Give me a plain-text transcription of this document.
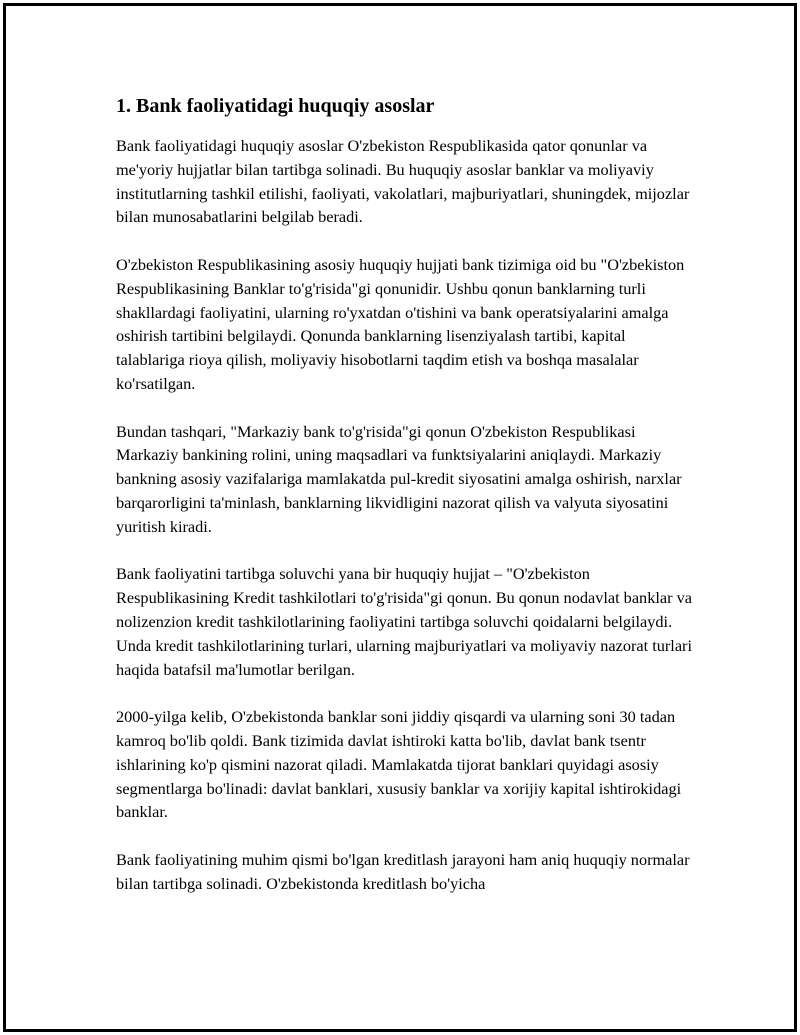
1. Bank faoliyatidagi huquqiy asoslar

Bank faoliyatidagi huquqiy asoslar O'zbekiston Respublikasida qator qonunlar va me'yoriy hujjatlar bilan tartibga solinadi. Bu huquqiy asoslar banklar va moliyaviy institutlarning tashkil etilishi, faoliyati, vakolatlari, majburiyatlari, shuningdek, mijozlar bilan munosabatlarini belgilab beradi.

O'zbekiston Respublikasining asosiy huquqiy hujjati bank tizimiga oid bu "O'zbekiston Respublikasining Banklar to'g'risida"gi qonunidir. Ushbu qonun banklarning turli shakllardagi faoliyatini, ularning ro'yxatdan o'tishini va bank operatsiyalarini amalga oshirish tartibini belgilaydi. Qonunda banklarning lisenziyalash tartibi, kapital talablariga rioya qilish, moliyaviy hisobotlarni taqdim etish va boshqa masalalar ko'rsatilgan.

Bundan tashqari, "Markaziy bank to'g'risida"gi qonun O'zbekiston Respublikasi Markaziy bankining rolini, uning maqsadlari va funktsiyalarini aniqlaydi. Markaziy bankning asosiy vazifalariga mamlakatda pul-kredit siyosatini amalga oshirish, narxlar barqarorligini ta'minlash, banklarning likvidligini nazorat qilish va valyuta siyosatini yuritish kiradi.

Bank faoliyatini tartibga soluvchi yana bir huquqiy hujjat – "O'zbekiston Respublikasining Kredit tashkilotlari to'g'risida"gi qonun. Bu qonun nodavlat banklar va nolizenzion kredit tashkilotlarining faoliyatini tartibga soluvchi qoidalarni belgilaydi. Unda kredit tashkilotlarining turlari, ularning majburiyatlari va moliyaviy nazorat turlari haqida batafsil ma'lumotlar berilgan.

2000-yilga kelib, O'zbekistonda banklar soni jiddiy qisqardi va ularning soni 30 tadan kamroq bo'lib qoldi. Bank tizimida davlat ishtiroki katta bo'lib, davlat bank tsentr ishlarining ko'p qismini nazorat qiladi. Mamlakatda tijorat banklari quyidagi asosiy segmentlarga bo'linadi: davlat banklari, xususiy banklar va xorijiy kapital ishtirokidagi banklar.

Bank faoliyatining muhim qismi bo'lgan kreditlash jarayoni ham aniq huquqiy normalar bilan tartibga solinadi. O'zbekistonda kreditlash bo'yicha
